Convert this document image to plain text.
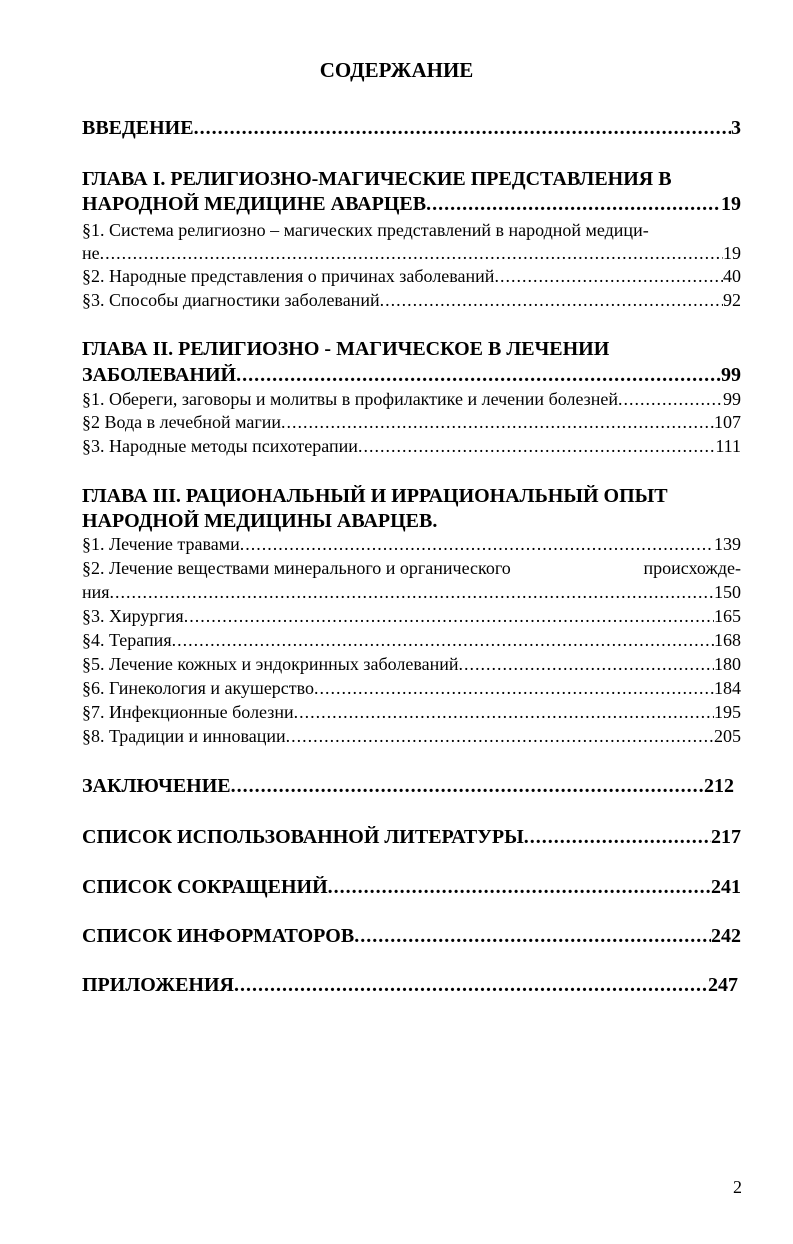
СОДЕРЖАНИЕ
ВВЕДЕНИЕ .....	3
ГЛАВА I. РЕЛИГИОЗНО-МАГИЧЕСКИЕ ПРЕДСТАВЛЕНИЯ В
НАРОДНОЙ МЕДИЦИНЕ АВАРЦЕВ .....	19
§1. Система религиозно – магических представлений в народной медици-
не .....	19
§2. Народные представления о причинах заболеваний .....	40
§3. Способы диагностики заболеваний .....	92
ГЛАВА II. РЕЛИГИОЗНО - МАГИЧЕСКОЕ В ЛЕЧЕНИИ
ЗАБОЛЕВАНИЙ .....	99
§1. Обереги, заговоры и молитвы в профилактике и лечении болезней .....	99
§2 Вода в лечебной магии .....	107
§3. Народные методы психотерапии .....	111
ГЛАВА III. РАЦИОНАЛЬНЫЙ И ИРРАЦИОНАЛЬНЫЙ ОПЫТ
НАРОДНОЙ МЕДИЦИНЫ АВАРЦЕВ.
§1. Лечение травами .....	139
§2. Лечение веществами минерального и органического	происхожде-
ния .....	150
§3. Хирургия .....	165
§4. Терапия .....	168
§5. Лечение кожных и эндокринных заболеваний .....	180
§6. Гинекология и акушерство .....	184
§7. Инфекционные болезни .....	195
§8. Традиции и инновации .....	205
ЗАКЛЮЧЕНИЕ .....	212
СПИСОК ИСПОЛЬЗОВАННОЙ ЛИТЕРАТУРЫ .....	217
СПИСОК СОКРАЩЕНИЙ .....	241
СПИСОК ИНФОРМАТОРОВ .....	242
ПРИЛОЖЕНИЯ .....	247
2
